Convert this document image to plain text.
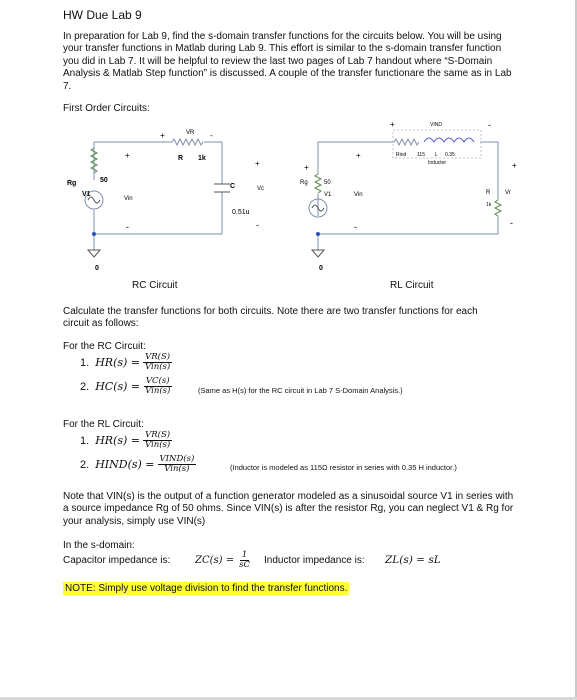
HW Due Lab 9
In preparation for Lab 9, find the s-domain transfer functions for the circuits below. You will be using your transfer functions in Matlab during Lab 9. This effort is similar to the s-domain transfer function you did in Lab 7. It will be helpful to review the last two pages of Lab 7 handout where “S-Domain Analysis & Matlab Step function” is discussed. A couple of the transfer functionare the same as in Lab 7.
First Order Circuits:
+	VR -
R 1k
+
Rg	50
V1
Vin
-
C
0.51u
+
Vc
-
0
+	VIND	-
Rind 115 L 0.35
Inductor
+
Rg	50
+
V1	Vin
-
R
1k
+
Vr
-
0
RC Circuit	RL Circuit
Calculate the transfer functions for both circuits. Note there are two transfer functions for each circuit as follows:
For the RC Circuit:
1. $HR(s) = \frac{VR(S)}{\text{Vin(s)}}$
2. $HC(s) = \frac{VC(s)}{\text{Vin(s)}}$	(Same as H(s) for the RC circuit in Lab 7 S-Domain Analysis.)
For the RL Circuit:
1. $HR(s) = \frac{VR(S)}{\text{Vin(s)}}$
2. HIND(s) = $\frac{\text{VIND(s)}}{\text{Vin(s)}}$	(Inductor is modeled as 115Ω resistor in series with 0.35 H inductor.)
Note that VIN(s) is the output of a function generator modeled as a sinusoidal source V1 in series with a source impedance Rg of 50 ohms. Since VIN(s) is after the resistor Rg, you can neglect V1 & Rg for your analysis, simply use VIN(s)
In the s-domain:
Capacitor impedance is: $ZC(s) = \frac{1}{sC}$ Inductor impedance is: ZL(s) = sL
NOTE: Simply use voltage division to find the transfer functions.
